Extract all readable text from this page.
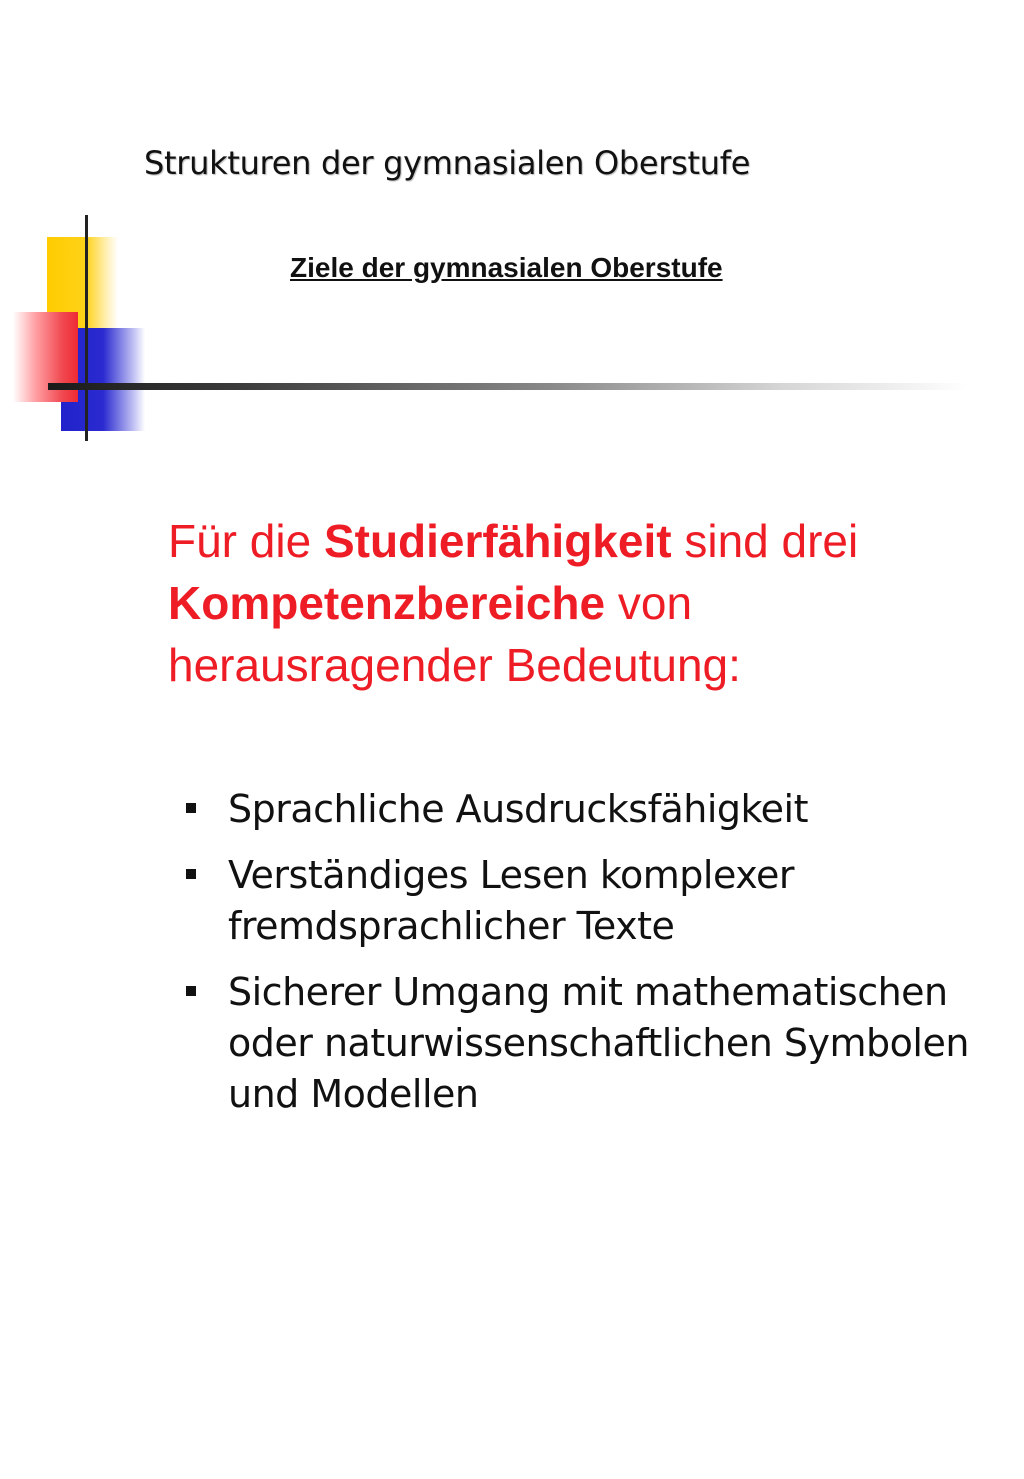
Strukturen der gymnasialen Oberstufe
Ziele der gymnasialen Oberstufe

Für die Studierfähigkeit sind drei Kompetenzbereiche von herausragender Bedeutung:

Sprachliche Ausdrucksfähigkeit
Verständiges Lesen komplexer fremdsprachlicher Texte
Sicherer Umgang mit mathematischen oder naturwissenschaftlichen Symbolen und Modellen
